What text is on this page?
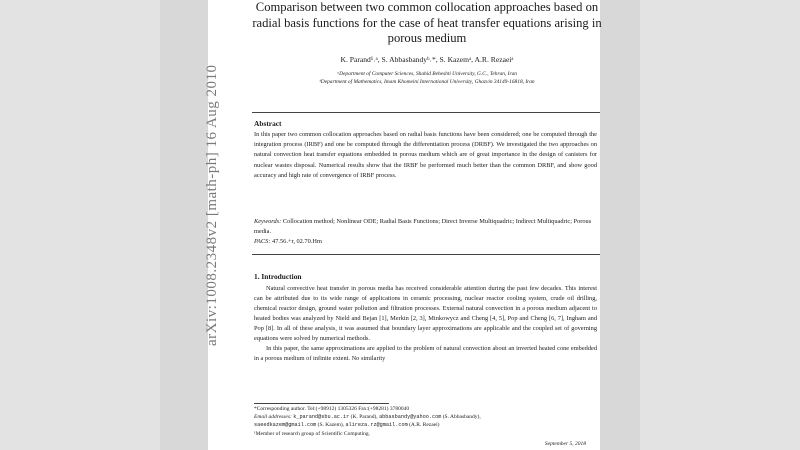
arXiv:1008.2348v2 [math-ph] 16 Aug 2010
Comparison between two common collocation approaches based on radial basis functions for the case of heat transfer equations arising in porous medium
K. Parand¹˒ᵃ, S. Abbasbandyᵇ˒*, S. Kazemᵃ, A.R. Rezaeiᵃ
ᵃDepartment of Computer Sciences, Shahid Beheshti University, G.C., Tehran, Iran
ᵇDepartment of Mathematics, Imam Khomeini International University, Ghazvin 34149-16818, Iran
Abstract
In this paper two common collocation approaches based on radial basis functions have been considered; one be computed through the integration process (IRBF) and one be computed through the differentiation process (DRBF). We investigated the two approaches on natural convection heat transfer equations embedded in porous medium which are of great importance in the design of canisters for nuclear wastes disposal. Numerical results show that the IRBF be performed much better than the common DRBF, and show good accuracy and high rate of convergence of IRBF process.
Keywords: Collocation method; Nonlinear ODE; Radial Basis Functions; Direct Inverse Multiquadric; Indirect Multiquadric; Porous media.
PACS: 47.56.+r, 02.70.Hm
1. Introduction

Natural convective heat transfer in porous media has received considerable attention during the past few decades. This interest can be attributed due to its wide range of applications in ceramic processing, nuclear reactor cooling system, crude oil drilling, chemical reactor design, ground water pollution and filtration processes. External natural convection in a porous medium adjacent to heated bodies was analyzed by Nield and Bejan [1], Merkin [2, 3], Minkowycz and Cheng [4, 5], Pop and Cheng [6, 7], Ingham and Pop [8]. In all of these analysis, it was assumed that boundary layer approximations are applicable and the coupled set of governing equations were solved by numerical methods.

In this paper, the same approximations are applied to the problem of natural convection about an inverted heated cone embedded in a porous medium of infinite extent. No similarity

*Corresponding author. Tel:(+98912) 1305326 Fax:(+98281) 3780040
Email addresses: k_parand@sbu.ac.ir (K. Parand), abbasbandy@yahoo.com (S. Abbasbandy),
saeedkazem@gmail.com (S. Kazem), alireza.rz@gmail.com (A.R. Rezaei)
¹Member of research group of Scientific Computing.
September 5, 2018
